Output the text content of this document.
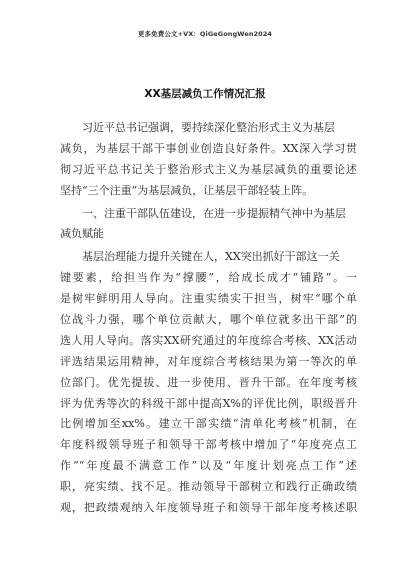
更多免费公文+VX：QiGeGongWen2024
XX基层减负工作情况汇报
习近平总书记强调，要持续深化整治形式主义为基层
减负，为基层干部干事创业创造良好条件。XX深入学习贯
彻习近平总书记关于整治形式主义为基层减负的重要论述
坚持“三个注重”为基层减负，让基层干部轻装上阵。
一、注重干部队伍建设，在进一步提振精气神中为基层
减负赋能
基层治理能力提升关键在人，XX突出抓好干部这一关
键要素，给担当作为“撑腰”，给成长成才“铺路”。一
是树牢鲜明用人导向。注重实绩实干担当，树牢“哪个单
位战斗力强，哪个单位贡献大，哪个单位就多出干部”的
选人用人导向。落实XX研究通过的年度综合考核、XX活动
评选结果运用精神，对年度综合考核结果为第一等次的单
位部门。优先提拔、进一步使用、晋升干部。在年度考核
评为优秀等次的科级干部中提高X%的评优比例，职级晋升
比例增加至xx%。建立干部实绩“清单化考核”机制，在
年度科级领导班子和领导干部考核中增加了“年度亮点工
作”“年度最不满意工作”以及“年度计划亮点工作”述
职，亮实绩、找不足。推动领导干部树立和践行正确政绩
观，把政绩观纳入年度领导班子和领导干部年度考核述职
